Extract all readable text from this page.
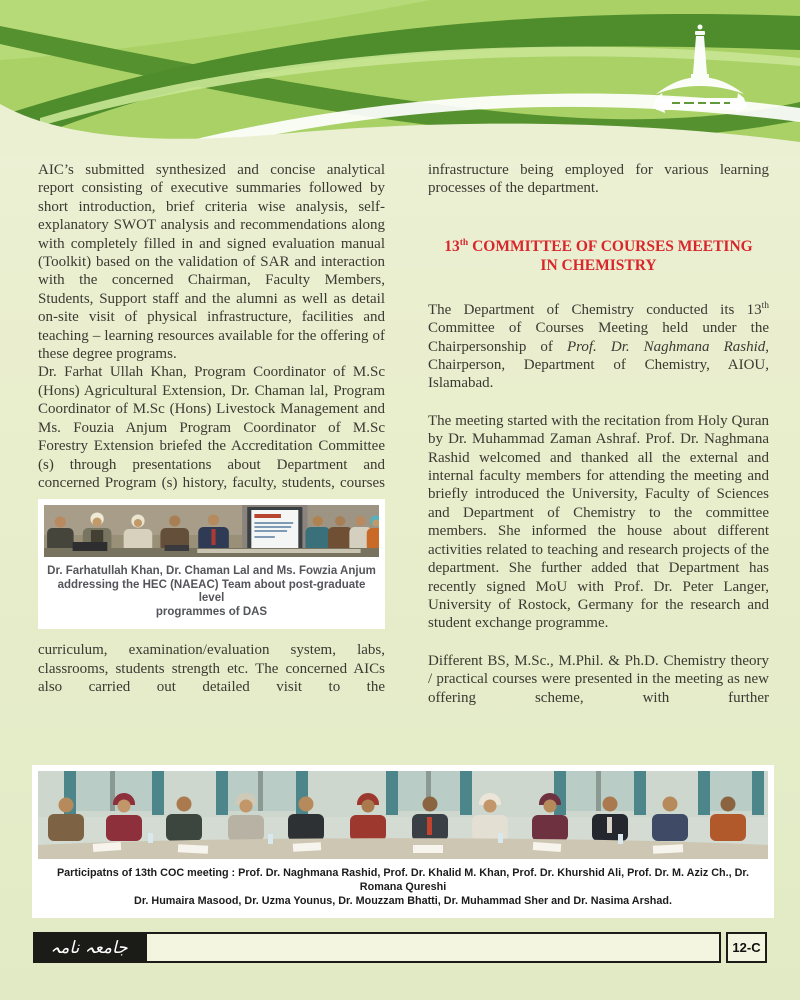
AIC’s submitted synthesized and concise analytical report consisting of executive summaries followed by short introduction, brief criteria wise analysis, self-explanatory SWOT analysis and recommendations along with completely filled in and signed evaluation manual (Toolkit) based on the validation of SAR and interaction with the concerned Chairman, Faculty Members, Students, Support staff and the alumni as well as detail on-site visit of physical infrastructure, facilities and teaching – learning resources available for the offering of these degree programs.

Dr. Farhat Ullah Khan, Program Coordinator of M.Sc (Hons) Agricultural Extension, Dr. Chaman lal, Program Coordinator of M.Sc (Hons) Livestock Management and Ms. Fouzia Anjum Program Coordinator of M.Sc Forestry Extension briefed the Accreditation Committee (s) through presentations about Department and concerned Program (s) history, faculty, students, courses

Dr. Farhatullah Khan, Dr. Chaman Lal and Ms. Fowzia Anjum
addressing the HEC (NAEAC) Team about post-graduate level
programmes of DAS

curriculum, examination/evaluation system, labs, classrooms, students strength etc. The concerned AICs also carried out detailed visit to the

infrastructure being employed for various learning processes of the department.

13th COMMITTEE OF COURSES MEETING
IN CHEMISTRY

The Department of Chemistry conducted its 13th Committee of Courses Meeting held under the Chairpersonship of Prof. Dr. Naghmana Rashid, Chairperson, Department of Chemistry, AIOU, Islamabad.

The meeting started with the recitation from Holy Quran by Dr. Muhammad Zaman Ashraf. Prof. Dr. Naghmana Rashid welcomed and thanked all the external and internal faculty members for attending the meeting and briefly introduced the University, Faculty of Sciences and Department of Chemistry to the committee members. She informed the house about different activities related to teaching and research projects of the department. She further added that Department has recently signed MoU with Prof. Dr. Peter Langer, University of Rostock, Germany for the research and student exchange programme.

Different BS, M.Sc., M.Phil. & Ph.D. Chemistry theory / practical courses were presented in the meeting as new offering scheme, with further

Participatns of 13th COC meeting : Prof. Dr. Naghmana Rashid, Prof. Dr. Khalid M. Khan, Prof. Dr. Khurshid Ali, Prof. Dr. M. Aziz Ch., Dr. Romana Qureshi
Dr. Humaira Masood, Dr. Uzma Younus, Dr. Mouzzam Bhatti, Dr. Muhammad Sher and Dr. Nasima Arshad.
جامعہ نامہ	12-C
